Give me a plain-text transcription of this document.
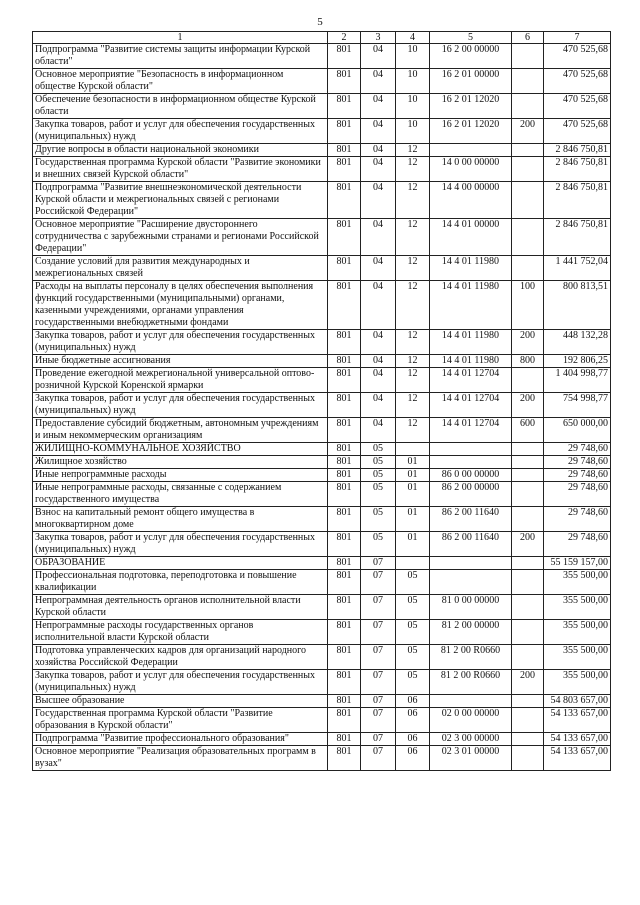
5
1	2	3	4	5	6	7
Подпрограмма "Развитие системы защиты информации Курской области"	801	04	10	16 2 00 00000		470 525,68
Основное мероприятие "Безопасность в информационном обществе Курской области"	801	04	10	16 2 01 00000		470 525,68
Обеспечение безопасности в информационном обществе Курской области	801	04	10	16 2 01 12020		470 525,68
Закупка товаров, работ и услуг для обеспечения государственных (муниципальных) нужд	801	04	10	16 2 01 12020	200	470 525,68
Другие вопросы в области национальной экономики	801	04	12			2 846 750,81
Государственная программа Курской области "Развитие экономики и внешних связей Курской области"	801	04	12	14 0 00 00000		2 846 750,81
Подпрограмма "Развитие внешнеэкономической деятельности Курской области и межрегиональных связей с регионами Российской Федерации"	801	04	12	14 4 00 00000		2 846 750,81
Основное мероприятие "Расширение двустороннего сотрудничества с зарубежными странами и регионами Российской Федерации"	801	04	12	14 4 01 00000		2 846 750,81
Создание условий для развития международных и межрегиональных связей	801	04	12	14 4 01 11980		1 441 752,04
Расходы на выплаты персоналу в целях обеспечения выполнения функций государственными (муниципальными) органами, казенными учреждениями, органами управления государственными внебюджетными фондами	801	04	12	14 4 01 11980	100	800 813,51
Закупка товаров, работ и услуг для обеспечения государственных (муниципальных) нужд	801	04	12	14 4 01 11980	200	448 132,28
Иные бюджетные ассигнования	801	04	12	14 4 01 11980	800	192 806,25
Проведение ежегодной межрегиональной универсальной оптово-розничной Курской Коренской ярмарки	801	04	12	14 4 01 12704		1 404 998,77
Закупка товаров, работ и услуг для обеспечения государственных (муниципальных) нужд	801	04	12	14 4 01 12704	200	754 998,77
Предоставление субсидий бюджетным, автономным учреждениям и иным некоммерческим организациям	801	04	12	14 4 01 12704	600	650 000,00
ЖИЛИЩНО-КОММУНАЛЬНОЕ ХОЗЯЙСТВО	801	05				29 748,60
Жилищное хозяйство	801	05	01			29 748,60
Иные непрограммные расходы	801	05	01	86 0 00 00000		29 748,60
Иные непрограммные расходы, связанные с содержанием государственного имущества	801	05	01	86 2 00 00000		29 748,60
Взнос на капитальный ремонт общего имущества в многоквартирном доме	801	05	01	86 2 00 11640		29 748,60
Закупка товаров, работ и услуг для обеспечения государственных (муниципальных) нужд	801	05	01	86 2 00 11640	200	29 748,60
ОБРАЗОВАНИЕ	801	07				55 159 157,00
Профессиональная подготовка, переподготовка и повышение квалификации	801	07	05			355 500,00
Непрограммная деятельность органов исполнительной власти Курской области	801	07	05	81 0 00 00000		355 500,00
Непрограммные расходы государственных органов исполнительной власти Курской области	801	07	05	81 2 00 00000		355 500,00
Подготовка управленческих кадров для организаций народного хозяйства Российской Федерации	801	07	05	81 2 00 R0660		355 500,00
Закупка товаров, работ и услуг для обеспечения государственных (муниципальных) нужд	801	07	05	81 2 00 R0660	200	355 500,00
Высшее образование	801	07	06			54 803 657,00
Государственная программа Курской области "Развитие образования в Курской области"	801	07	06	02 0 00 00000		54 133 657,00
Подпрограмма "Развитие профессионального образования"	801	07	06	02 3 00 00000		54 133 657,00
Основное мероприятие "Реализация образовательных программ в вузах"	801	07	06	02 3 01 00000		54 133 657,00
